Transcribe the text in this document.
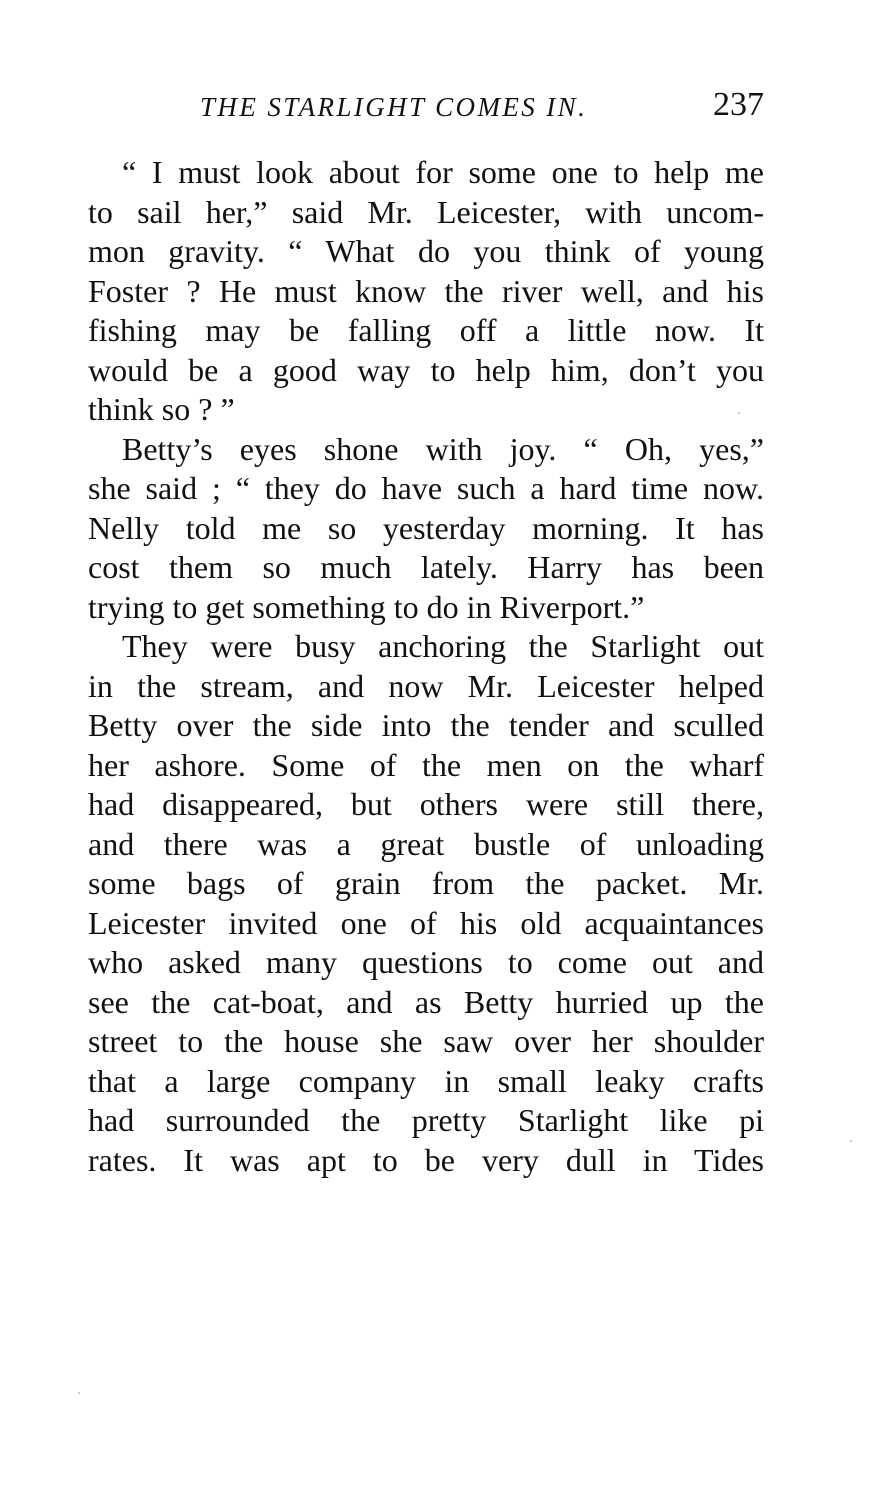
THE STARLIGHT COMES IN.	237
“ I must look about for some one to help me
to sail her,” said Mr. Leicester, with uncom-
mon gravity. “ What do you think of young
Foster ? He must know the river well, and his
fishing may be falling off a little now. It
would be a good way to help him, don’t you
think so ? ”
Betty’s eyes shone with joy. “ Oh, yes,”
she said ; “ they do have such a hard time now.
Nelly told me so yesterday morning. It has
cost them so much lately. Harry has been
trying to get something to do in Riverport.”
They were busy anchoring the Starlight out
in the stream, and now Mr. Leicester helped
Betty over the side into the tender and sculled
her ashore. Some of the men on the wharf
had disappeared, but others were still there,
and there was a great bustle of unloading
some bags of grain from the packet. Mr.
Leicester invited one of his old acquaintances
who asked many questions to come out and
see the cat-boat, and as Betty hurried up the
street to the house she saw over her shoulder
that a large company in small leaky crafts
had surrounded the pretty Starlight like pi
rates. It was apt to be very dull in Tides
